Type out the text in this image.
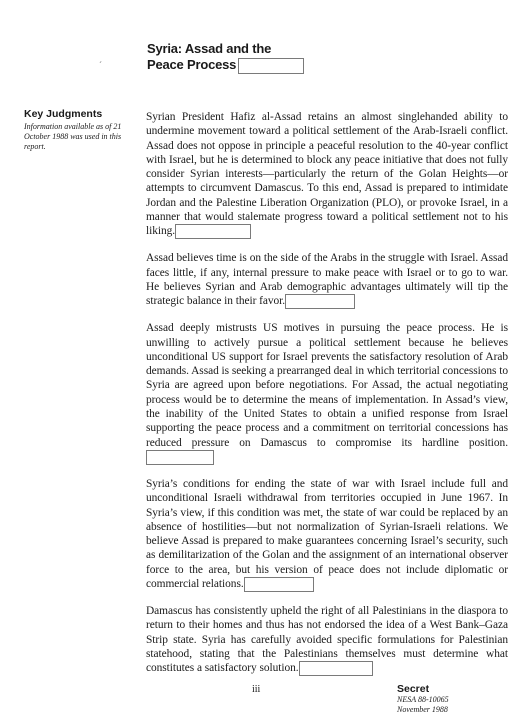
Syria: Assad and the
Peace Process
ˊ
Key Judgments
Information available as of 21 October 1988 was used in this report.

Syrian President Hafiz al-Assad retains an almost singlehanded ability to undermine movement toward a political settlement of the Arab-Israeli conflict. Assad does not oppose in principle a peaceful resolution to the 40-year conflict with Israel, but he is determined to block any peace initiative that does not fully consider Syrian interests—particularly the return of the Golan Heights—or attempts to circumvent Damascus. To this end, Assad is prepared to intimidate Jordan and the Palestine Liberation Organization (PLO), or provoke Israel, in a manner that would stalemate progress toward a political settlement not to his liking.

Assad believes time is on the side of the Arabs in the struggle with Israel. Assad faces little, if any, internal pressure to make peace with Israel or to go to war. He believes Syrian and Arab demographic advantages ultimately will tip the strategic balance in their favor.

Assad deeply mistrusts US motives in pursuing the peace process. He is unwilling to actively pursue a political settlement because he believes unconditional US support for Israel prevents the satisfactory resolution of Arab demands. Assad is seeking a prearranged deal in which territorial concessions to Syria are agreed upon before negotiations. For Assad, the actual negotiating process would be to determine the means of implementation. In Assad’s view, the inability of the United States to obtain a unified response from Israel supporting the peace process and a commitment on territorial concessions has reduced pressure on Damascus to compromise its hardline position.

Syria’s conditions for ending the state of war with Israel include full and unconditional Israeli withdrawal from territories occupied in June 1967. In Syria’s view, if this condition was met, the state of war could be replaced by an absence of hostilities—but not normalization of Syrian-Israeli relations. We believe Assad is prepared to make guarantees concerning Israel’s security, such as demilitarization of the Golan and the assignment of an international observer force to the area, but his version of peace does not include diplomatic or commercial relations.

Damascus has consistently upheld the right of all Palestinians in the diaspora to return to their homes and thus has not endorsed the idea of a West Bank–Gaza Strip state. Syria has carefully avoided specific formulations for Palestinian statehood, stating that the Palestinians themselves must determine what constitutes a satisfactory solution.

iii	Secret
NESA 88-10065
November 1988
